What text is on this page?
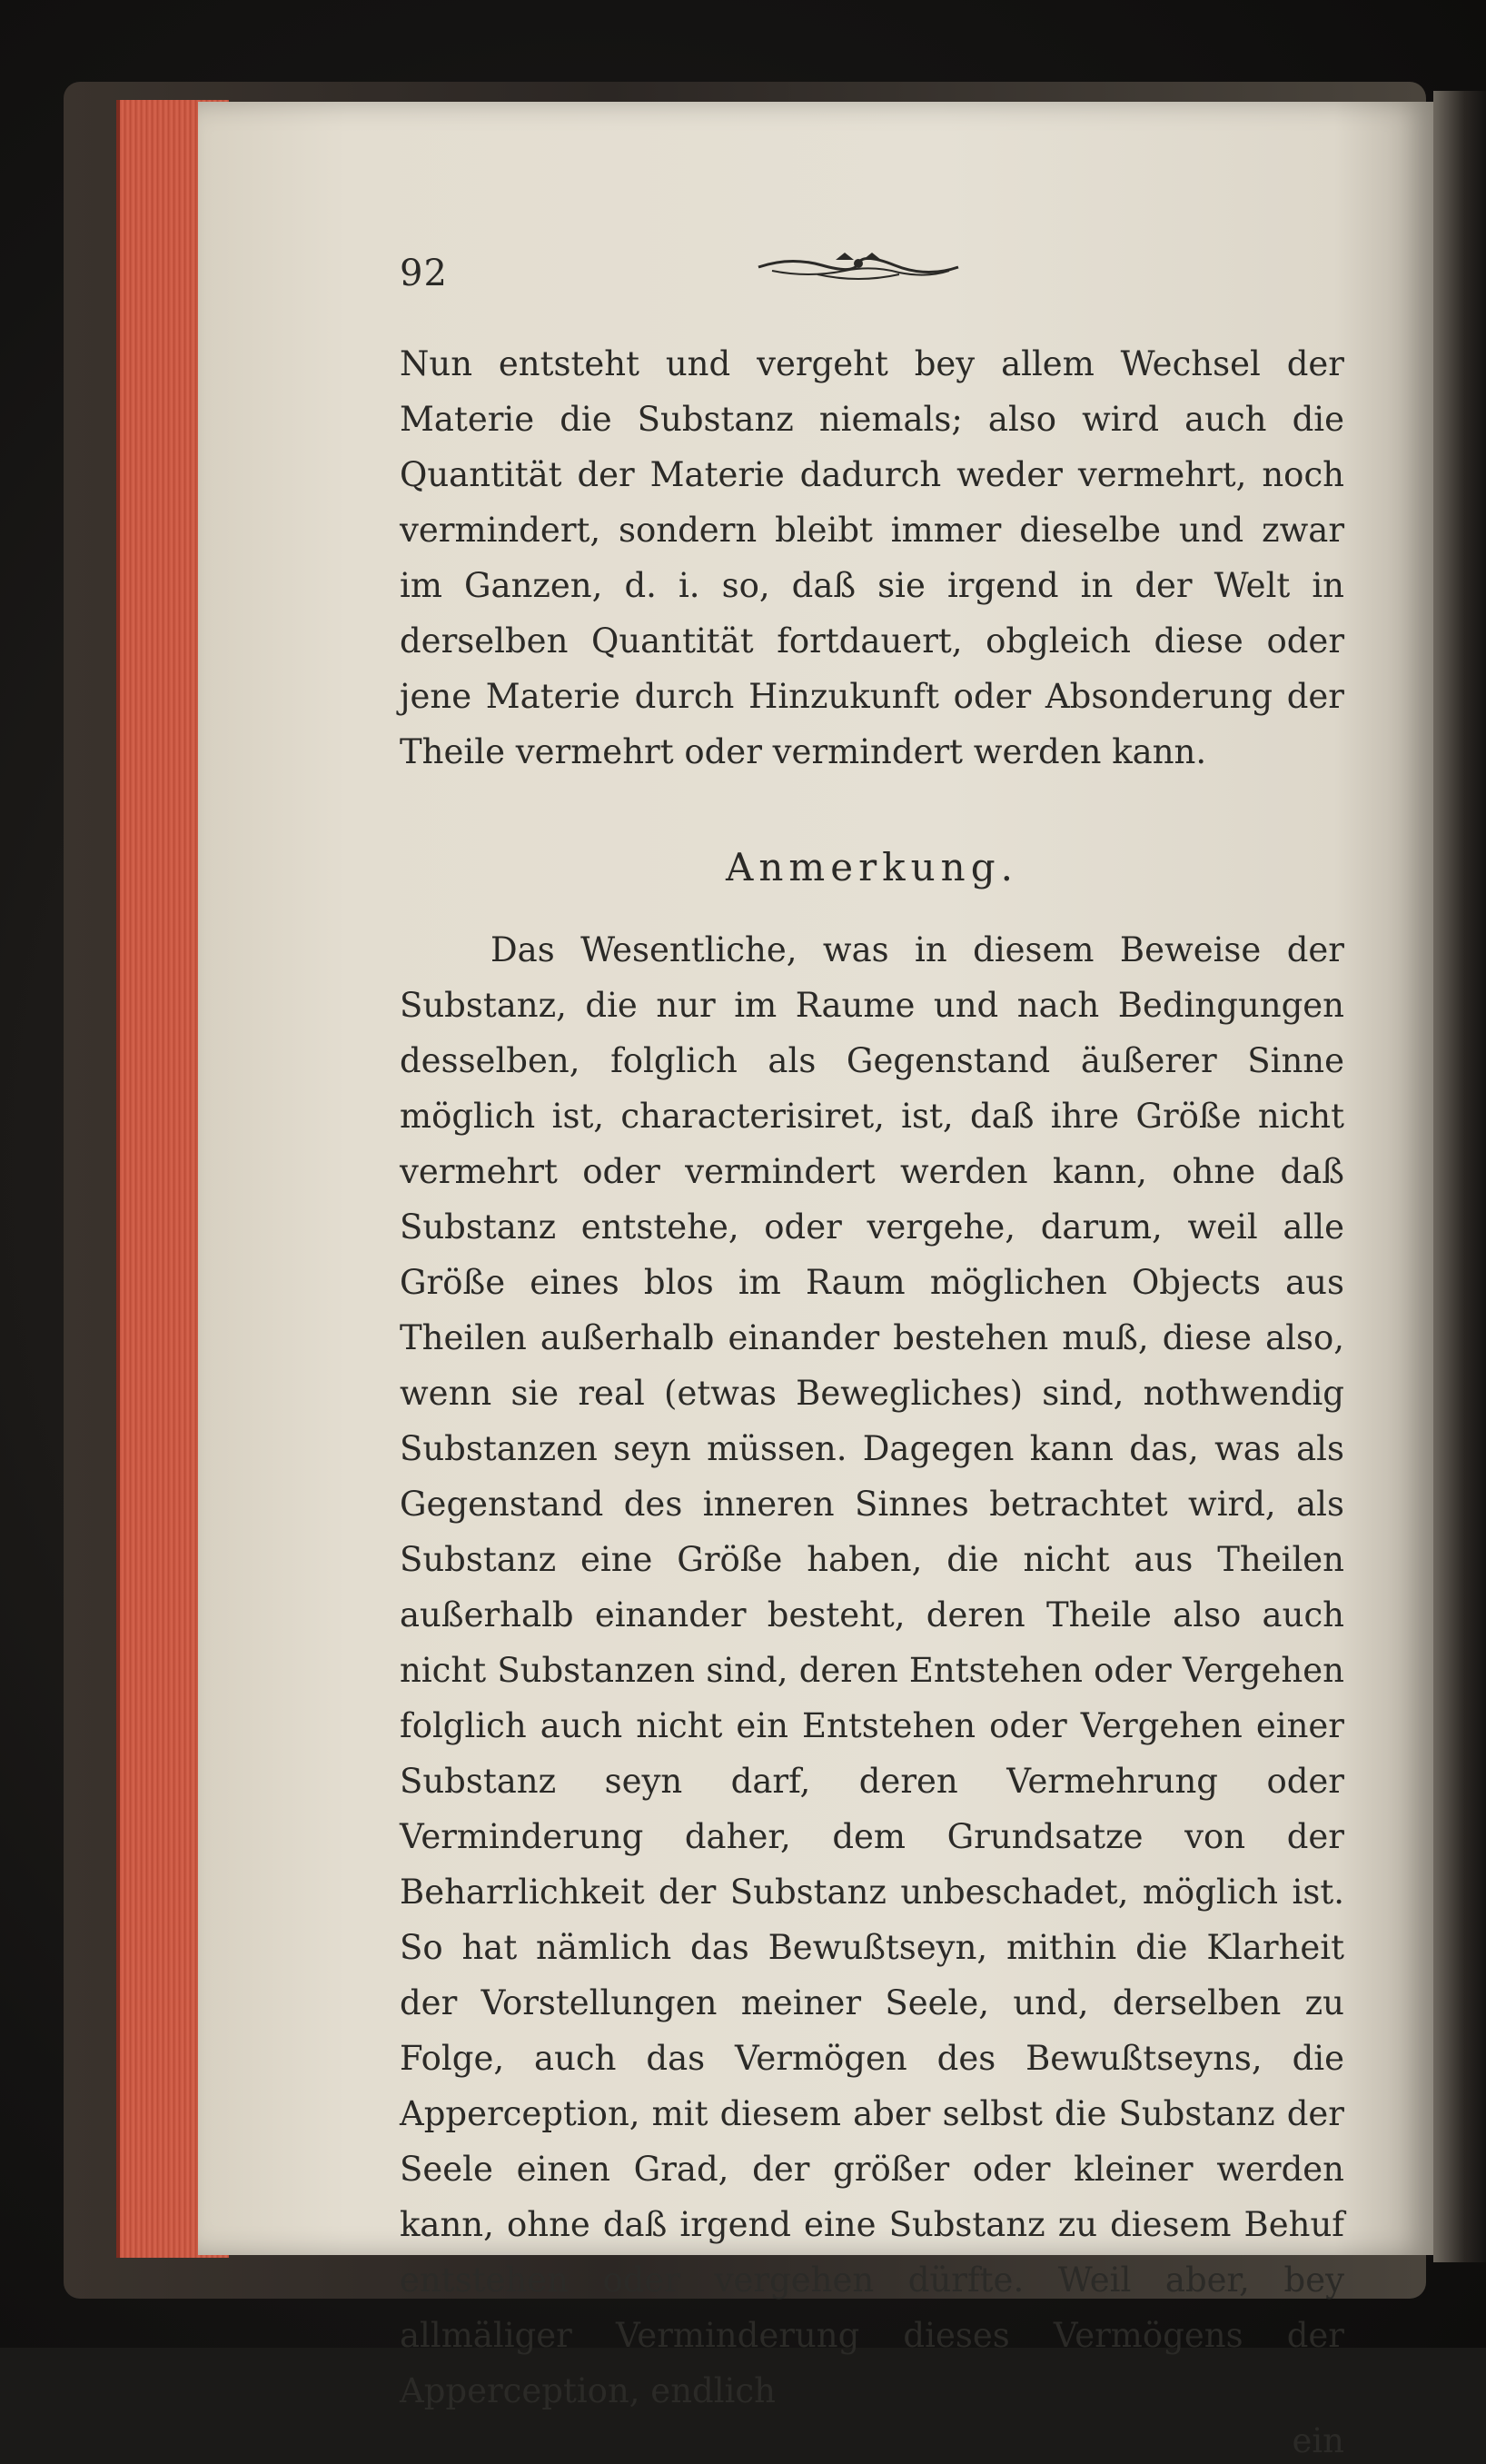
92

Nun entsteht und vergeht bey allem Wechsel der Materie die Substanz niemals; also wird auch die Quantität der Materie dadurch weder vermehrt, noch vermindert, sondern bleibt immer dieselbe und zwar im Ganzen, d. i. so, daß sie irgend in der Welt in derselben Quantität fortdauert, obgleich diese oder jene Materie durch Hinzukunft oder Absonderung der Theile vermehrt oder vermindert werden kann.

Anmerkung.

Das Wesentliche, was in diesem Beweise der Substanz, die nur im Raume und nach Bedingungen desselben, folglich als Gegenstand äußerer Sinne möglich ist, characterisiret, ist, daß ihre Größe nicht vermehrt oder vermindert werden kann, ohne daß Substanz entstehe, oder vergehe, darum, weil alle Größe eines blos im Raum möglichen Objects aus Theilen außerhalb einander bestehen muß, diese also, wenn sie real (etwas Bewegliches) sind, nothwendig Substanzen seyn müssen. Dagegen kann das, was als Gegenstand des inneren Sinnes betrachtet wird, als Substanz eine Größe haben, die nicht aus Theilen außerhalb einander besteht, deren Theile also auch nicht Substanzen sind, deren Entstehen oder Vergehen folglich auch nicht ein Entstehen oder Vergehen einer Substanz seyn darf, deren Vermehrung oder Verminderung daher, dem Grundsatze von der Beharrlichkeit der Substanz unbeschadet, möglich ist. So hat nämlich das Bewußtseyn, mithin die Klarheit der Vorstellungen meiner Seele, und, derselben zu Folge, auch das Vermögen des Bewußtseyns, die Apperception, mit diesem aber selbst die Substanz der Seele einen Grad, der größer oder kleiner werden kann, ohne daß irgend eine Substanz zu diesem Behuf entstehen oder vergehen dürfte. Weil aber, bey allmäliger Verminderung dieses Vermögens der Apperception, endlich

ein
